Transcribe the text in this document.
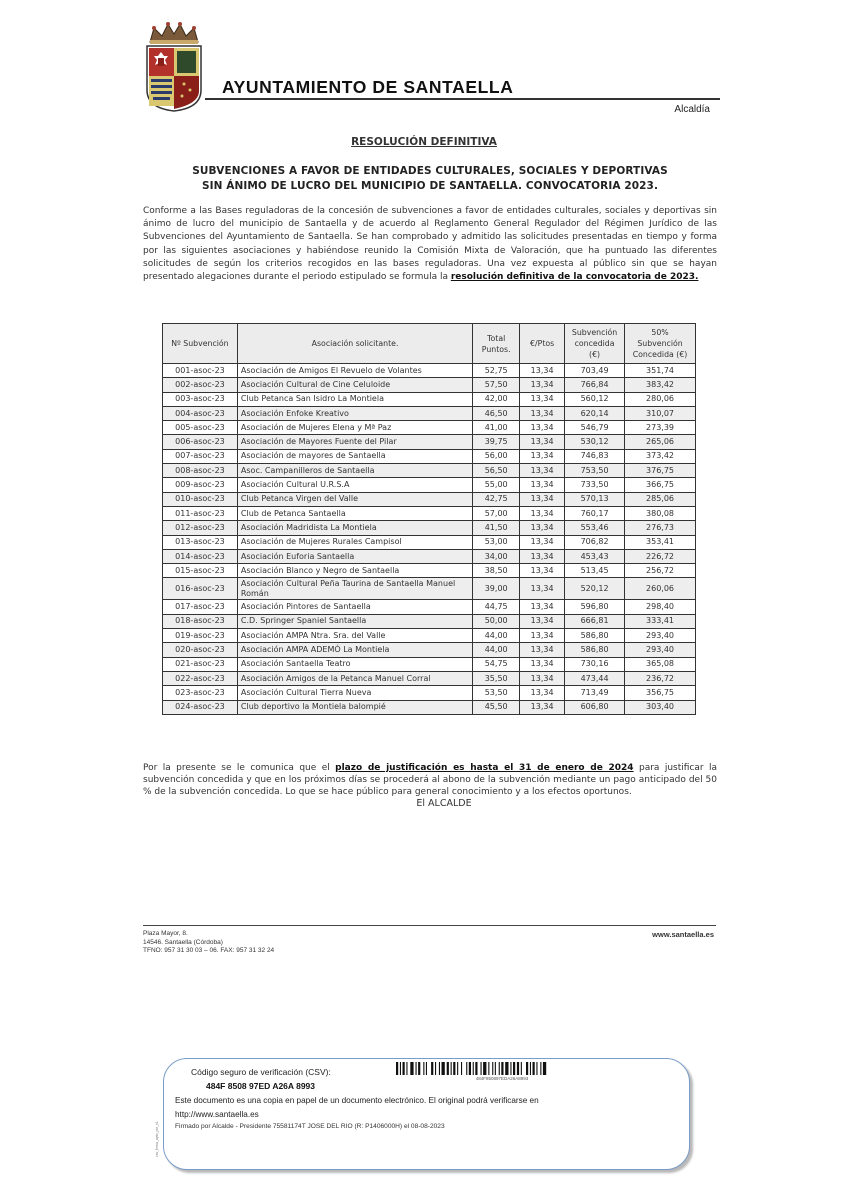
AYUNTAMIENTO DE SANTAELLA
Alcaldía
RESOLUCIÓN DEFINITIVA
SUBVENCIONES A FAVOR DE ENTIDADES CULTURALES, SOCIALES Y DEPORTIVAS
SIN ÁNIMO DE LUCRO DEL MUNICIPIO DE SANTAELLA. CONVOCATORIA 2023.
Conforme a las Bases reguladoras de la concesión de subvenciones a favor de entidades culturales, sociales y deportivas sin ánimo de lucro del municipio de Santaella y de acuerdo al Reglamento General Regulador del Régimen Jurídico de las Subvenciones del Ayuntamiento de Santaella. Se han comprobado y admitido las solicitudes presentadas en tiempo y forma por las siguientes asociaciones y habiéndose reunido la Comisión Mixta de Valoración, que ha puntuado las diferentes solicitudes de según los criterios recogidos en las bases reguladoras. Una vez expuesta al público sin que se hayan presentado alegaciones durante el periodo estipulado se formula la resolución definitiva de la convocatoria de 2023.
Nº Subvención	Asociación solicitante.	Total Puntos.	€/Ptos	Subvención concedida (€)	50% Subvención Concedida (€)
001-asoc-23	Asociación de Amigos El Revuelo de Volantes	52,75	13,34	703,49	351,74
002-asoc-23	Asociación Cultural de Cine Celuloide	57,50	13,34	766,84	383,42
003-asoc-23	Club Petanca San Isidro La Montiela	42,00	13,34	560,12	280,06
004-asoc-23	Asociación Enfoke Kreativo	46,50	13,34	620,14	310,07
005-asoc-23	Asociación de Mujeres Elena y Mª Paz	41,00	13,34	546,79	273,39
006-asoc-23	Asociación de Mayores Fuente del Pilar	39,75	13,34	530,12	265,06
007-asoc-23	Asociación de mayores de Santaella	56,00	13,34	746,83	373,42
008-asoc-23	Asoc. Campanilleros de Santaella	56,50	13,34	753,50	376,75
009-asoc-23	Asociación Cultural U.R.S.A	55,00	13,34	733,50	366,75
010-asoc-23	Club Petanca Virgen del Valle	42,75	13,34	570,13	285,06
011-asoc-23	Club de Petanca Santaella	57,00	13,34	760,17	380,08
012-asoc-23	Asociación Madridista La Montiela	41,50	13,34	553,46	276,73
013-asoc-23	Asociación de Mujeres Rurales Campisol	53,00	13,34	706,82	353,41
014-asoc-23	Asociación Euforia Santaella	34,00	13,34	453,43	226,72
015-asoc-23	Asociación Blanco y Negro de Santaella	38,50	13,34	513,45	256,72
016-asoc-23	Asociación Cultural Peña Taurina de Santaella Manuel Román	39,00	13,34	520,12	260,06
017-asoc-23	Asociación Pintores de Santaella	44,75	13,34	596,80	298,40
018-asoc-23	C.D. Springer Spaniel Santaella	50,00	13,34	666,81	333,41
019-asoc-23	Asociación AMPA Ntra. Sra. del Valle	44,00	13,34	586,80	293,40
020-asoc-23	Asociación AMPA ADEMÓ La Montiela	44,00	13,34	586,80	293,40
021-asoc-23	Asociación Santaella Teatro	54,75	13,34	730,16	365,08
022-asoc-23	Asociación Amigos de la Petanca Manuel Corral	35,50	13,34	473,44	236,72
023-asoc-23	Asociación Cultural Tierra Nueva	53,50	13,34	713,49	356,75
024-asoc-23	Club deportivo la Montiela balompié	45,50	13,34	606,80	303,40
Por la presente se le comunica que el plazo de justificación es hasta el 31 de enero de 2024 para justificar la subvención concedida y que en los próximos días se procederá al abono de la subvención mediante un pago anticipado del 50 % de la subvención concedida. Lo que se hace público para general conocimiento y a los efectos oportunos.
El ALCALDE
Plaza Mayor, 8.
14546. Santaella (Córdoba)
TFNO: 957 31 30 03 – 06. FAX: 957 31 32 24
www.santaella.es
csv_firma_ayto_pie_v1
Código seguro de verificación (CSV):
484F 8508 97ED A26A 8993
484F850897EDA26A8993
Este documento es una copia en papel de un documento electrónico. El original podrá verificarse en
http://www.santaella.es
Firmado por Alcalde - Presidente 75581174T JOSE DEL RIO (R: P1406000H) el 08-08-2023
